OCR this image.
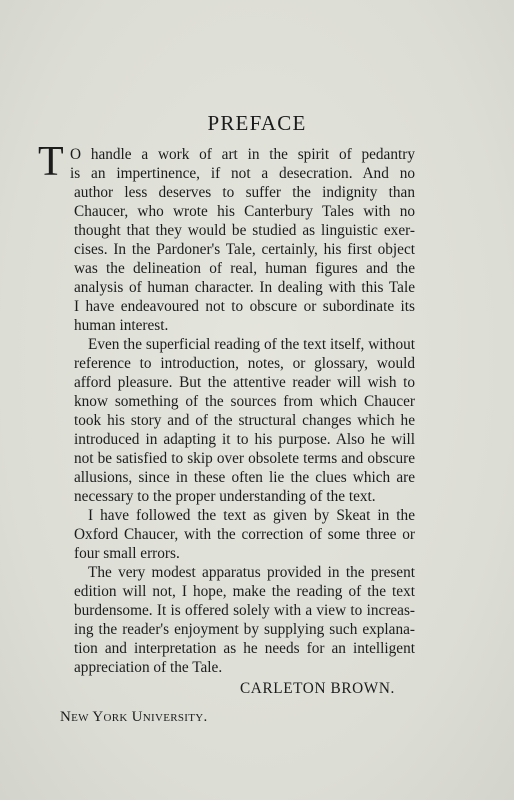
PREFACE
T O handle a work of art in the spirit of pedantry
is an impertinence, if not a desecration. And no
author less deserves to suffer the indignity than
Chaucer, who wrote his Canterbury Tales with no
thought that they would be studied as linguistic exer-
cises. In the Pardoner's Tale, certainly, his first object
was the delineation of real, human figures and the
analysis of human character. In dealing with this Tale
I have endeavoured not to obscure or subordinate its
human interest.
Even the superficial reading of the text itself, without
reference to introduction, notes, or glossary, would
afford pleasure. But the attentive reader will wish to
know something of the sources from which Chaucer
took his story and of the structural changes which he
introduced in adapting it to his purpose. Also he will
not be satisfied to skip over obsolete terms and obscure
allusions, since in these often lie the clues which are
necessary to the proper understanding of the text.
I have followed the text as given by Skeat in the
Oxford Chaucer, with the correction of some three or
four small errors.
The very modest apparatus provided in the present
edition will not, I hope, make the reading of the text
burdensome. It is offered solely with a view to increas-
ing the reader's enjoyment by supplying such explana-
tion and interpretation as he needs for an intelligent
appreciation of the Tale.
CARLETON BROWN.
New York University.
